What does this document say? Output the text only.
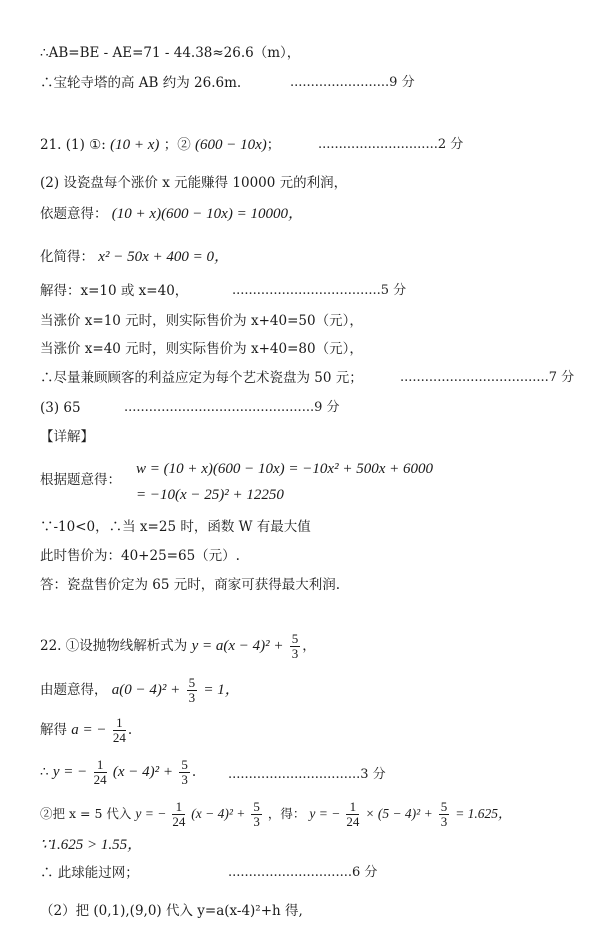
∴AB=BE - AE=71 - 44.38≈26.6（m），
∴宝轮寺塔的高 AB 约为 26.6m.	........................9 分
21. (1) ①: (10 + x) ；② (600 − 10x)；	.............................2 分
(2) 设瓷盘每个涨价 x 元能赚得 10000 元的利润，
依题意得： (10 + x)(600 − 10x) = 10000，
化简得： x² − 50x + 400 = 0，
解得：x=10 或 x=40，	....................................5 分
当涨价 x=10 元时，则实际售价为 x+40=50（元），
当涨价 x=40 元时，则实际售价为 x+40=80（元），
∴尽量兼顾顾客的利益应定为每个艺术瓷盘为 50 元；	....................................7 分
(3) 65	..............................................9 分
【详解】
根据题意得：
w = (10 + x)(600 − 10x) = −10x² + 500x + 6000
= −10(x − 25)² + 12250
∵-10<0，∴当 x=25 时，函数 W 有最大值
此时售价为：40+25=65（元）.
答：瓷盘售价定为 65 元时，商家可获得最大利润.
22. ①设抛物线解析式为 $y = a(x - 4)^2 + \frac{5}{3}$ ，
由题意得， $a(0 - 4)^2 + \frac{5}{3} = 1$，
解得 a = − $\frac{1}{24}$ .
∴ y = − $\frac{1}{24} (x - 4)^2 + \frac{5}{3}$ . ................................3 分
②把 x = 5 代入 y = − $\frac{1}{24} (x - 4)^2 + \frac{5}{3}$ ，得： y = − $\frac{1}{24} \times (5 - 4)^2 + \frac{5}{3} = 1.625$，
∵1.625 > 1.55，
∴ 此球能过网；	..............................6 分
（2）把 (0,1),(9,0) 代入 y=a(x-4)²+h 得,
